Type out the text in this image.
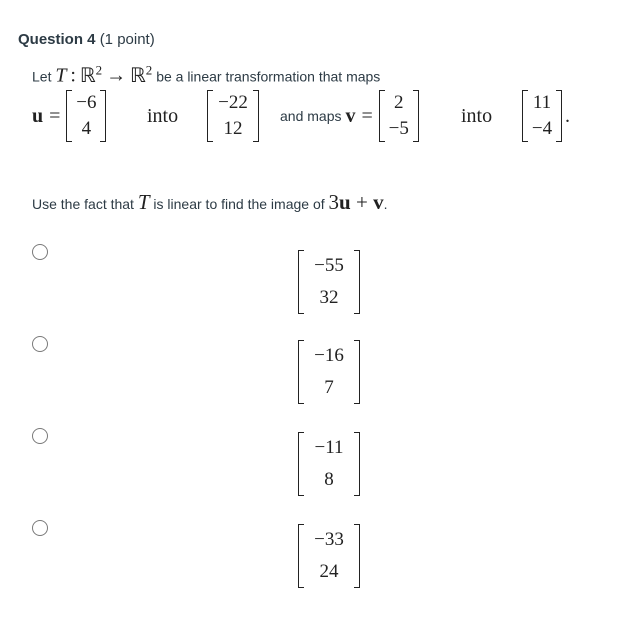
Question 4 (1 point)
Let T : ℝ$^2$ → ℝ$^2$ be a linear transformation that maps
u =
−6
4
into
−22
12
and maps v =
2
−5
into
11
−4
.
Use the fact that T is linear to find the image of 3u + v.
−55
32
−16
7
−11
8
−33
24
